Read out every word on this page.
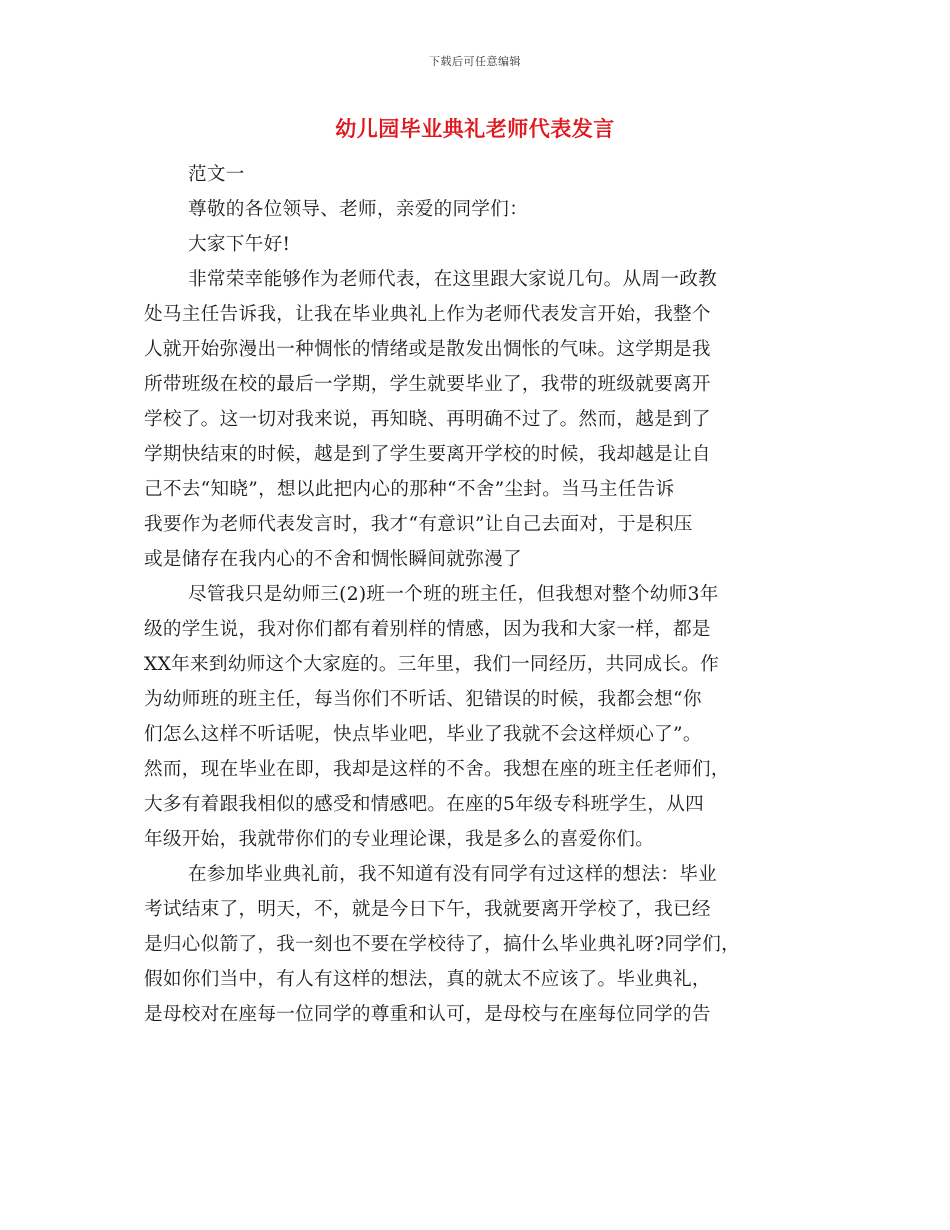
下载后可任意编辑
幼儿园毕业典礼老师代表发言
范文一
尊敬的各位领导、老师，亲爱的同学们：
大家下午好!
非常荣幸能够作为老师代表，在这里跟大家说几句。从周一政教
处马主任告诉我，让我在毕业典礼上作为老师代表发言开始，我整个
人就开始弥漫出一种惆怅的情绪或是散发出惆怅的气味。这学期是我
所带班级在校的最后一学期，学生就要毕业了，我带的班级就要离开
学校了。这一切对我来说，再知晓、再明确不过了。然而，越是到了
学期快结束的时候，越是到了学生要离开学校的时候，我却越是让自
己不去“知晓”，想以此把内心的那种“不舍”尘封。当马主任告诉
我要作为老师代表发言时，我才“有意识”让自己去面对，于是积压
或是储存在我内心的不舍和惆怅瞬间就弥漫了
尽管我只是幼师三(2)班一个班的班主任，但我想对整个幼师3年
级的学生说，我对你们都有着别样的情感，因为我和大家一样，都是
XX年来到幼师这个大家庭的。三年里，我们一同经历，共同成长。作
为幼师班的班主任，每当你们不听话、犯错误的时候，我都会想“你
们怎么这样不听话呢，快点毕业吧，毕业了我就不会这样烦心了”。
然而，现在毕业在即，我却是这样的不舍。我想在座的班主任老师们，
大多有着跟我相似的感受和情感吧。在座的5年级专科班学生，从四
年级开始，我就带你们的专业理论课，我是多么的喜爱你们。
在参加毕业典礼前，我不知道有没有同学有过这样的想法：毕业
考试结束了，明天，不，就是今日下午，我就要离开学校了，我已经
是归心似箭了，我一刻也不要在学校待了，搞什么毕业典礼呀?同学们，
假如你们当中，有人有这样的想法，真的就太不应该了。毕业典礼，
是母校对在座每一位同学的尊重和认可，是母校与在座每位同学的告
